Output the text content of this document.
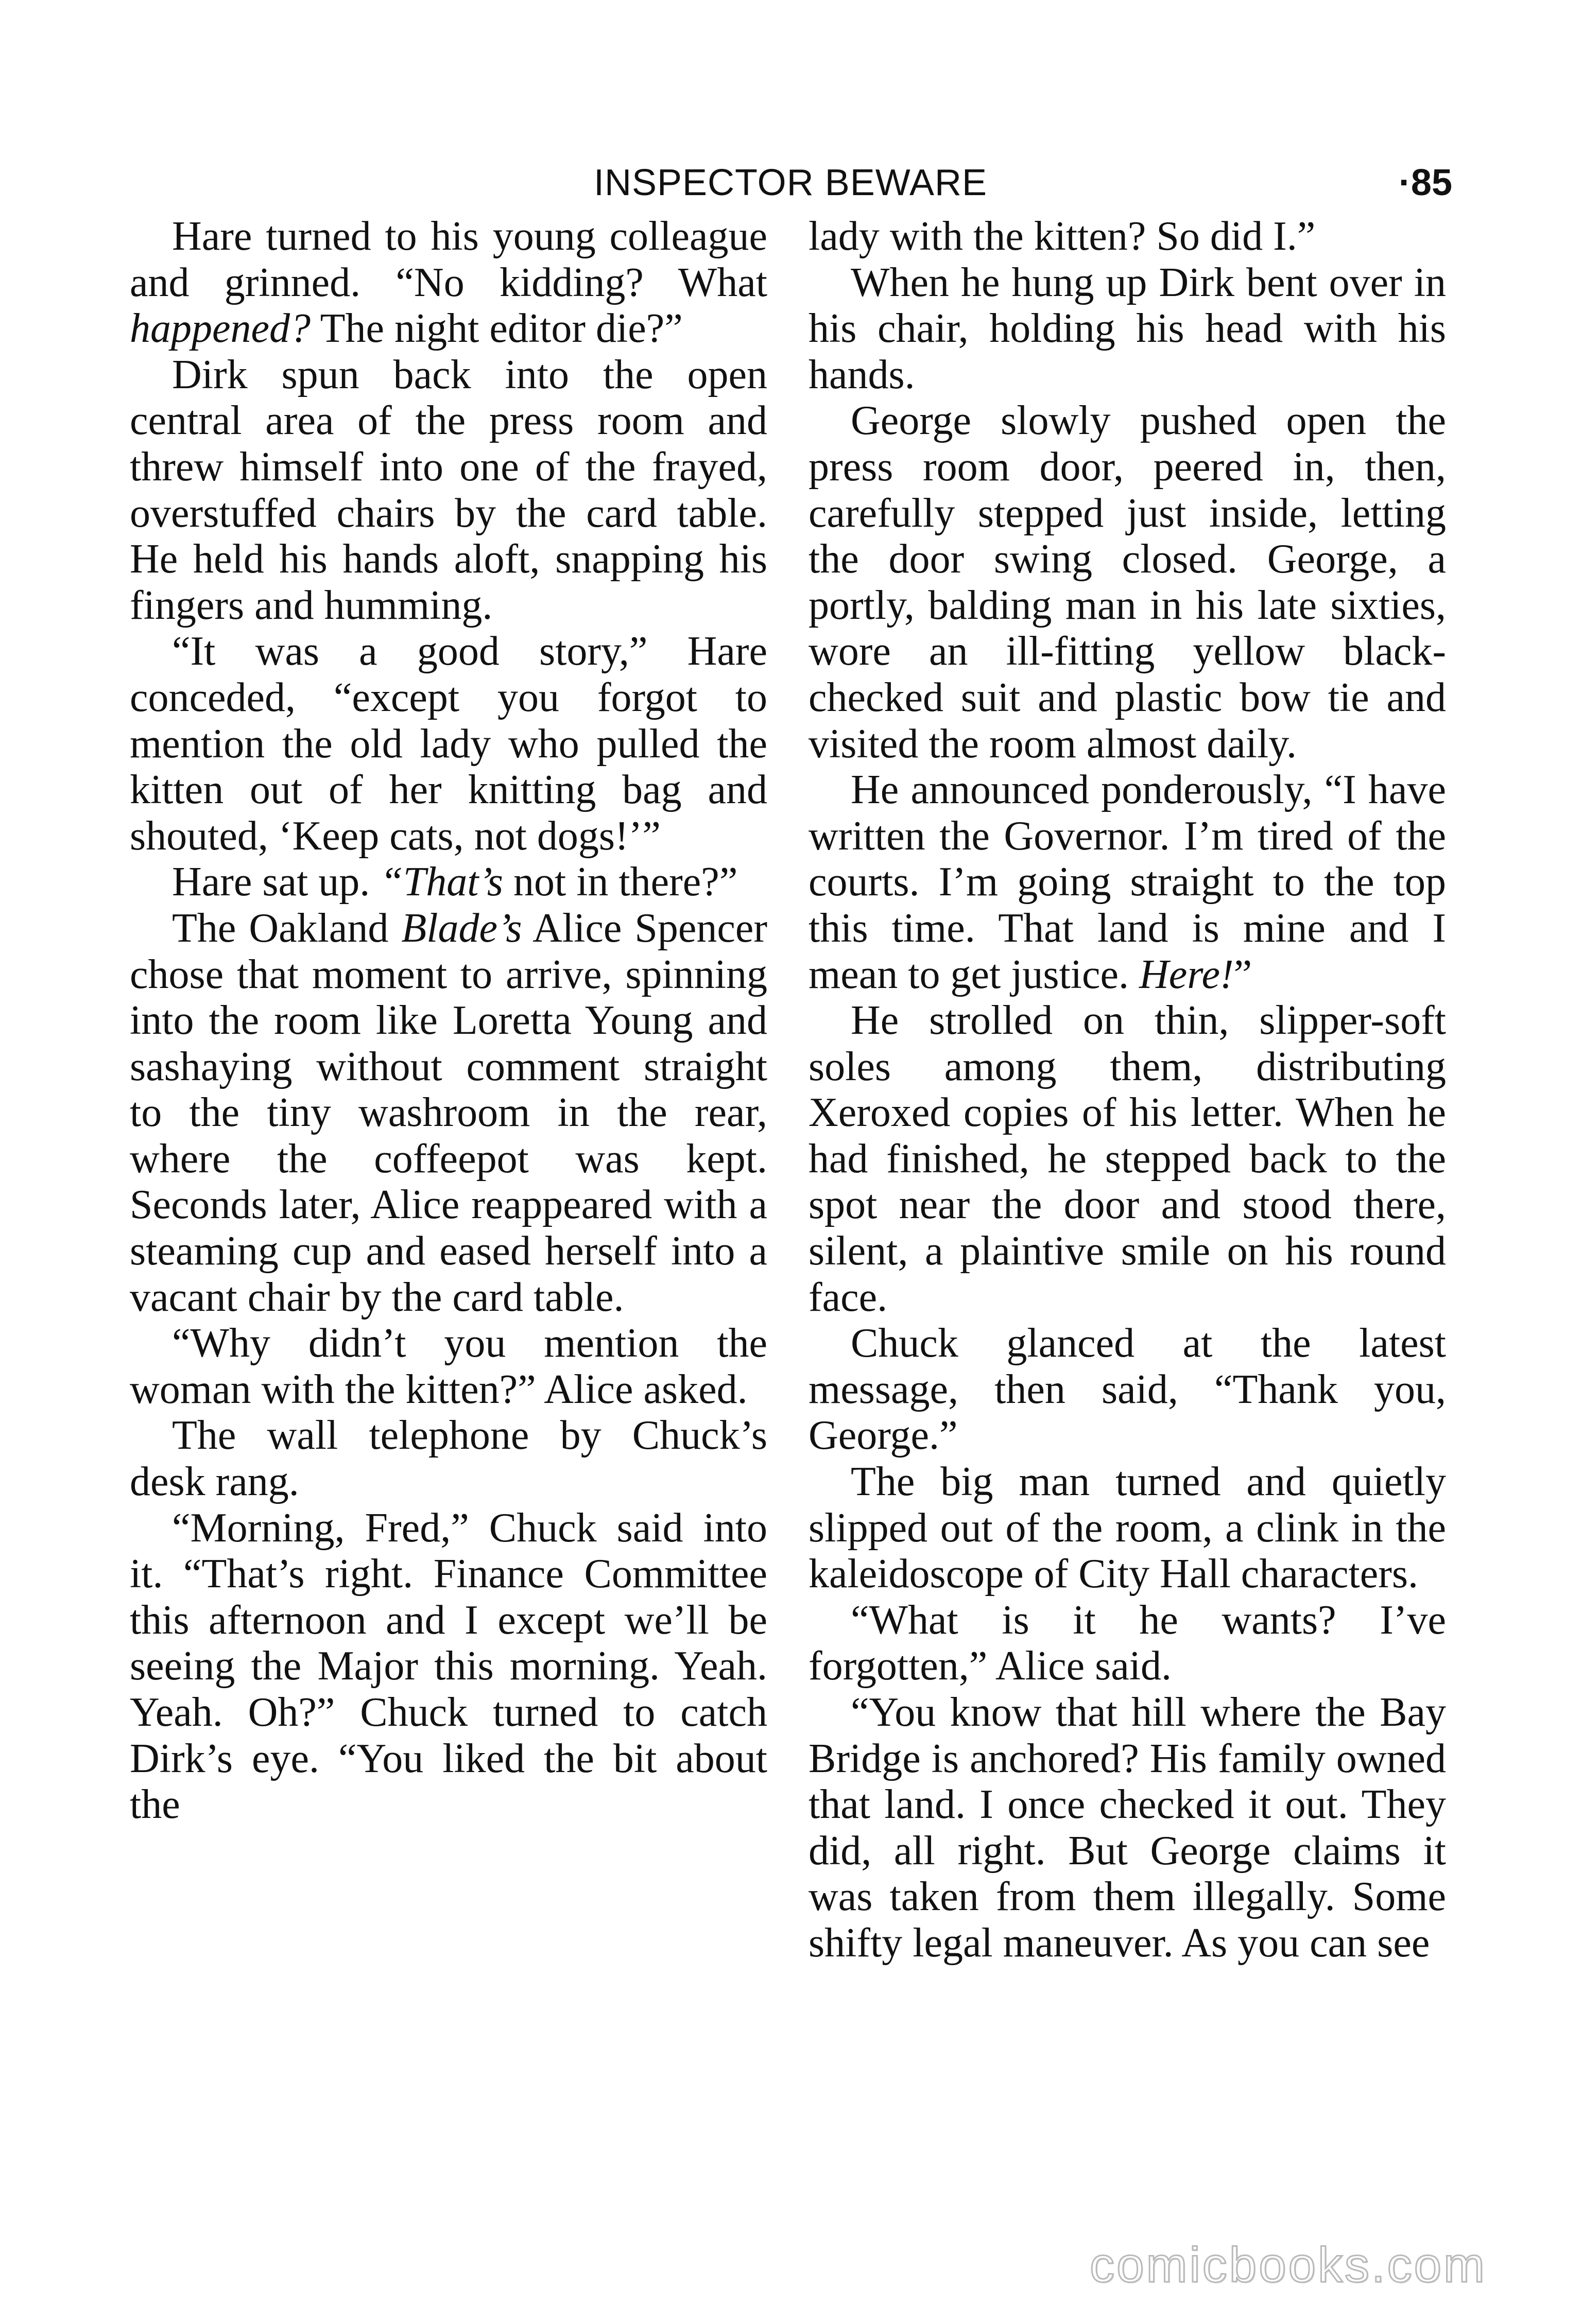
INSPECTOR BEWARE	·85

Hare turned to his young colleague and grinned. “No kidding? What happened? The night editor die?”

Dirk spun back into the open central area of the press room and threw himself into one of the frayed, overstuffed chairs by the card table. He held his hands aloft, snapping his fingers and humming.

“It was a good story,” Hare conceded, “except you forgot to mention the old lady who pulled the kitten out of her knitting bag and shouted, ‘Keep cats, not dogs!’”

Hare sat up. “That’s not in there?”

The Oakland Blade’s Alice Spencer chose that moment to arrive, spinning into the room like Loretta Young and sashaying without comment straight to the tiny washroom in the rear, where the coffeepot was kept. Seconds later, Alice reappeared with a steaming cup and eased herself into a vacant chair by the card table.

“Why didn’t you mention the woman with the kitten?” Alice asked.

The wall telephone by Chuck’s desk rang.

“Morning, Fred,” Chuck said into it. “That’s right. Finance Committee this afternoon and I except we’ll be seeing the Major this morning. Yeah. Yeah. Oh?” Chuck turned to catch Dirk’s eye. “You liked the bit about the

lady with the kitten? So did I.”

When he hung up Dirk bent over in his chair, holding his head with his hands.

George slowly pushed open the press room door, peered in, then, carefully stepped just inside, letting the door swing closed. George, a portly, balding man in his late sixties, wore an ill-fitting yellow black-checked suit and plastic bow tie and visited the room almost daily.

He announced ponderously, “I have written the Governor. I’m tired of the courts. I’m going straight to the top this time. That land is mine and I mean to get justice. Here!”

He strolled on thin, slipper-soft soles among them, distributing Xeroxed copies of his letter. When he had finished, he stepped back to the spot near the door and stood there, silent, a plaintive smile on his round face.

Chuck glanced at the latest message, then said, “Thank you, George.”

The big man turned and quietly slipped out of the room, a clink in the kaleidoscope of City Hall characters.

“What is it he wants? I’ve forgotten,” Alice said.

“You know that hill where the Bay Bridge is anchored? His family owned that land. I once checked it out. They did, all right. But George claims it was taken from them illegally. Some shifty legal maneuver. As you can see

comicbooks.com
